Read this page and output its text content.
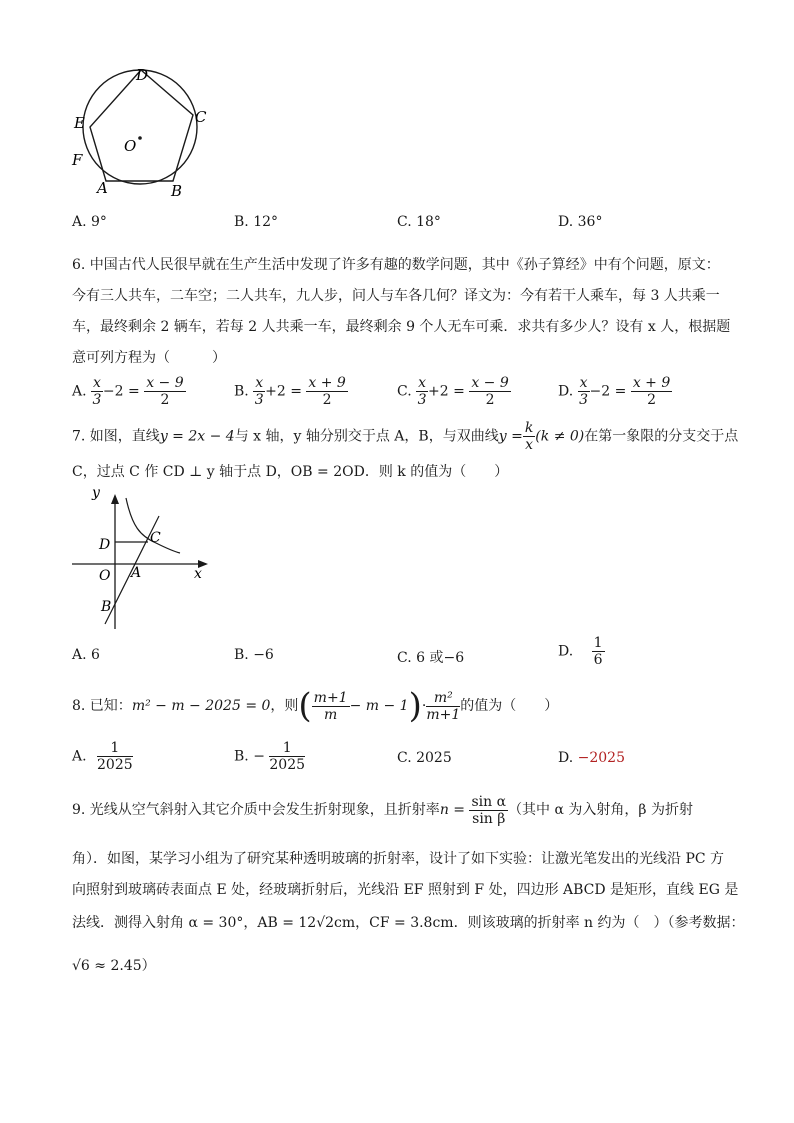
D
C
E
O
F
A	B
A. 9°	B. 12°	C. 18°	D. 36°
6. 中国古代人民很早就在生产生活中发现了许多有趣的数学问题，其中《孙子算经》中有个问题，原文：
今有三人共车，二车空；二人共车，九人步，问人与车各几何？译文为：今有若干人乘车，每 3 人共乘一
车，最终剩余 2 辆车，若每 2 人共乘一车，最终剩余 9 个人无车可乘．求共有多少人？设有 x 人，根据题
意可列方程为（　　　）
A. $\frac{x}{3} -2 = \frac{x - 9}{2}$	B. $\frac{x}{3} +2 = \frac{x + 9}{2}$	C. $\frac{x}{3} +2 = \frac{x - 9}{2}$	D. $\frac{x}{3} -2 = \frac{x + 9}{2}$
7. 如图，直线y = 2x − 4与 x 轴，y 轴分别交于点 A，B，与双曲线$y = \frac{k}{x} (k \ne 0)$在第一象限的分支交于点
C，过点 C 作 CD ⊥ y 轴于点 D，OB = 2OD．则 k 的值为（　　）
y
x
C
D
O A
B
A. 6	B. −6	C. 6 或−6	D. $\frac{1}{6}$
8. 已知：m² − m − 2025 = 0，则( $\frac{m+1}{m} - m - 1)\cdot \frac{\text{m²}}{m+1}$ 的值为（　　）
A. $\frac{1}{2025}$	B. − $\frac{1}{2025}$	C. 2025	D. −2025
9. 光线从空气斜射入其它介质中会发生折射现象，且折射率$n = \frac{\text{sin α}}{\text{sin β}}$ （其中 α 为入射角，β 为折射
角）．如图，某学习小组为了研究某种透明玻璃的折射率，设计了如下实验：让激光笔发出的光线沿 PC 方
向照射到玻璃砖表面点 E 处，经玻璃折射后，光线沿 EF 照射到 F 处，四边形 ABCD 是矩形，直线 EG 是
法线．测得入射角 α = 30°，AB = 12√2cm，CF = 3.8cm．则该玻璃的折射率 n 约为（　）（参考数据：
√6 ≈ 2.45）
